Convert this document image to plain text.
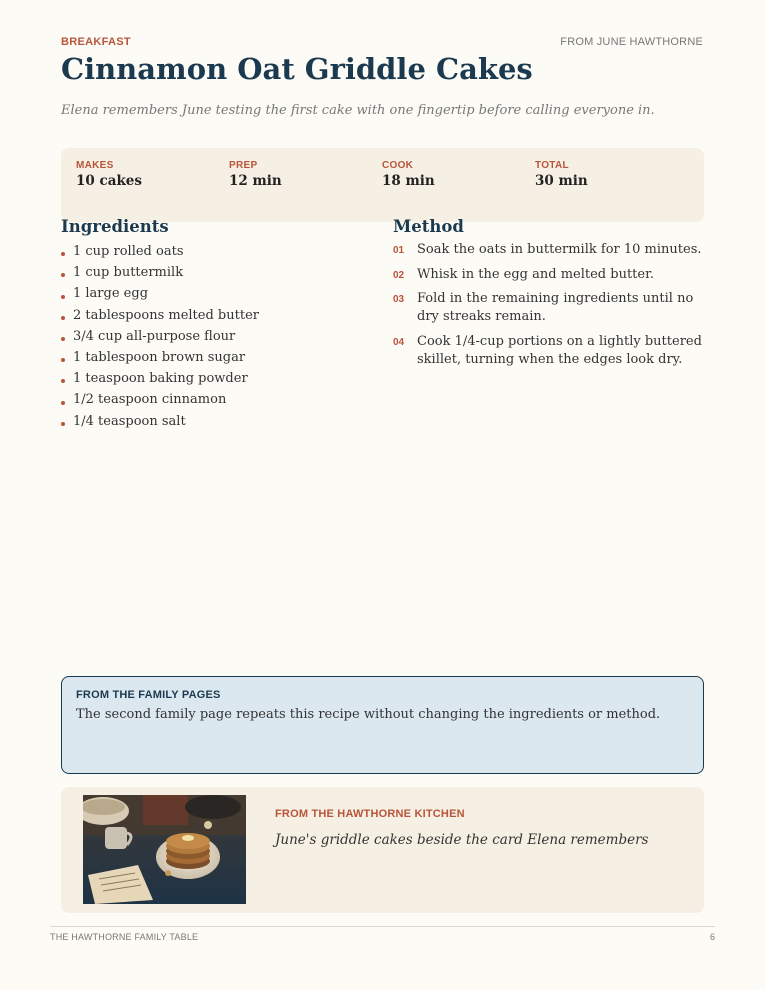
BREAKFAST	FROM JUNE HAWTHORNE
Cinnamon Oat Griddle Cakes

Elena remembers June testing the first cake with one fingertip before calling everyone in.

MAKES
10 cakes
PREP
12 min
COOK
18 min
TOTAL
30 min
Ingredients
1 cup rolled oats
1 cup buttermilk
1 large egg
2 tablespoons melted butter
3/4 cup all-purpose flour
1 tablespoon brown sugar
1 teaspoon baking powder
1/2 teaspoon cinnamon
1/4 teaspoon salt
Method
01 Soak the oats in buttermilk for 10 minutes.
02 Whisk in the egg and melted butter.
03 Fold in the remaining ingredients until no dry streaks remain.
04 Cook 1/4-cup portions on a lightly buttered skillet, turning when the edges look dry.
FROM THE FAMILY PAGES
The second family page repeats this recipe without changing the ingredients or method.
FROM THE HAWTHORNE KITCHEN
June's griddle cakes beside the card Elena remembers
THE HAWTHORNE FAMILY TABLE	6
